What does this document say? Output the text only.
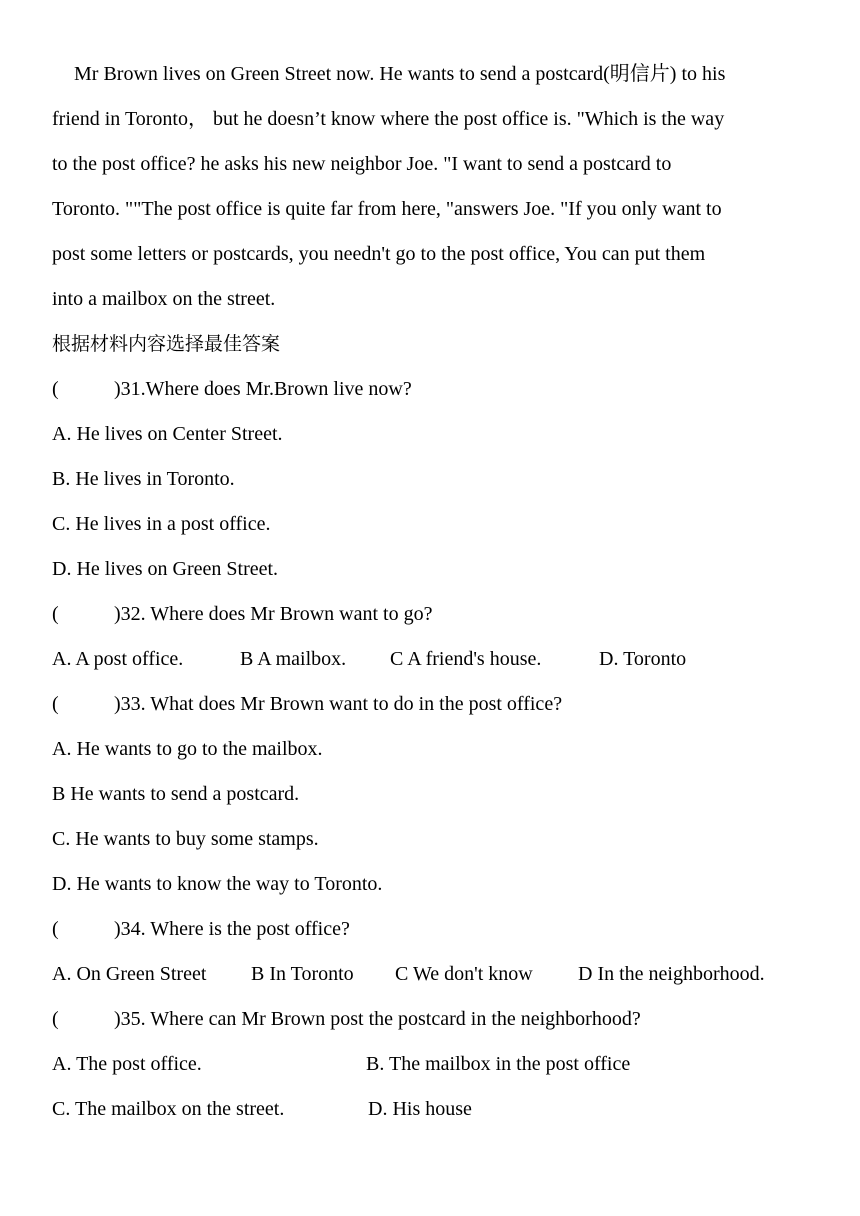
Mr Brown lives on Green Street now. He wants to send a postcard(明信片) to his

friend in Toronto， but he doesn’t know where the post office is. "Which is the way

to the post office? he asks his new neighbor Joe. "I want to send a postcard to

Toronto. ""The post office is quite far from here, "answers Joe. "If you only want to

post some letters or postcards, you needn't go to the post office, You can put them

into a mailbox on the street.

根据材料内容选择最佳答案
(	)31.Where does Mr.Brown live now?
A. He lives on Center Street.
B. He lives in Toronto.
C. He lives in a post office.
D. He lives on Green Street.
(	)32. Where does Mr Brown want to go?
A. A post office.	B A mailbox. C A friend's house.	D. Toronto
(	)33. What does Mr Brown want to do in the post office?
A. He wants to go to the mailbox.
B He wants to send a postcard.
C. He wants to buy some stamps.
D. He wants to know the way to Toronto.
(	)34. Where is the post office?
A. On Green Street B In Toronto C We don't know D In the neighborhood.
(	)35. Where can Mr Brown post the postcard in the neighborhood?
A. The post office.	B. The mailbox in the post office
C. The mailbox on the street.	D. His house
